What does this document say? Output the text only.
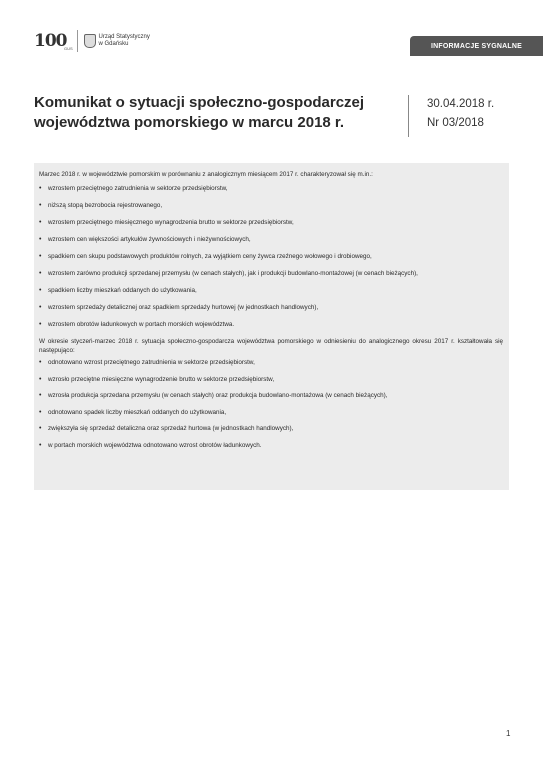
100
GUS
Urząd Statystyczny
w Gdańsku	INFORMACJE SYGNALNE
Komunikat o sytuacji społeczno-gospodarczej
województwa pomorskiego w marcu 2018 r.
30.04.2018 r.
Nr 03/2018

Marzec 2018 r. w województwie pomorskim w porównaniu z analogicznym miesiącem 2017 r. charakteryzował się m.in.:

• wzrostem przeciętnego zatrudnienia w sektorze przedsiębiorstw,
• niższą stopą bezrobocia rejestrowanego,
• wzrostem przeciętnego miesięcznego wynagrodzenia brutto w sektorze przedsiębiorstw,
• wzrostem cen większości artykułów żywnościowych i nieżywnościowych,
• spadkiem cen skupu podstawowych produktów rolnych, za wyjątkiem ceny żywca rzeźnego wołowego i drobiowego,
• wzrostem zarówno produkcji sprzedanej przemysłu (w cenach stałych), jak i produkcji budowlano-montażowej (w cenach bieżących),
• spadkiem liczby mieszkań oddanych do użytkowania,
• wzrostem sprzedaży detalicznej oraz spadkiem sprzedaży hurtowej (w jednostkach handlowych),
• wzrostem obrotów ładunkowych w portach morskich województwa.

W okresie styczeń-marzec 2018 r. sytuacja społeczno-gospodarcza województwa pomorskiego w odniesieniu do analogicznego okresu 2017 r. kształtowała się następująco:

• odnotowano wzrost przeciętnego zatrudnienia w sektorze przedsiębiorstw,
• wzrosło przeciętne miesięczne wynagrodzenie brutto w sektorze przedsiębiorstw,
• wzrosła produkcja sprzedana przemysłu (w cenach stałych) oraz produkcja budowlano-montażowa (w cenach bieżących),
• odnotowano spadek liczby mieszkań oddanych do użytkowania,
• zwiększyła się sprzedaż detaliczna oraz sprzedaż hurtowa (w jednostkach handlowych),
• w portach morskich województwa odnotowano wzrost obrotów ładunkowych.
1
